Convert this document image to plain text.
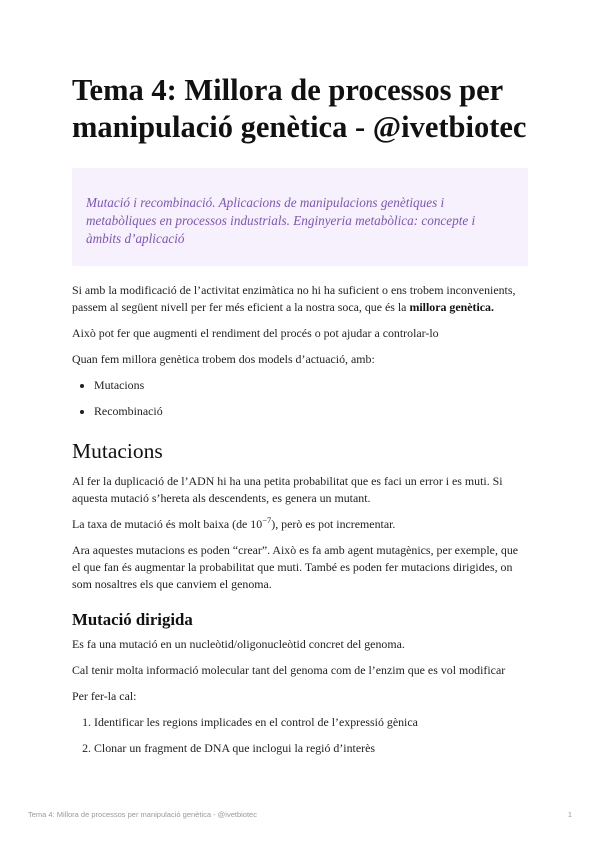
Tema 4: Millora de processos per manipulació genètica - @ivetbiotec

Mutació i recombinació. Aplicacions de manipulacions genètiques i metabòliques en processos industrials. Enginyeria metabòlica: concepte i àmbits d’aplicació

Si amb la modificació de l’activitat enzimàtica no hi ha suficient o ens trobem inconvenients, passem al següent nivell per fer més eficient a la nostra soca, que és la millora genètica.

Això pot fer que augmenti el rendiment del procés o pot ajudar a controlar-lo

Quan fem millora genètica trobem dos models d’actuació, amb:

• Mutacions
• Recombinació
Mutacions

Al fer la duplicació de l’ADN hi ha una petita probabilitat que es faci un error i es muti. Si aquesta mutació s’hereta als descendents, es genera un mutant.

La taxa de mutació és molt baixa (de $10^{-7}$), però es pot incrementar.

Ara aquestes mutacions es poden “crear”. Això es fa amb agent mutagènics, per exemple, que el que fan és augmentar la probabilitat que muti. També es poden fer mutacions dirigides, on som nosaltres els que canviem el genoma.

Mutació dirigida

Es fa una mutació en un nucleòtid/oligonucleòtid concret del genoma.

Cal tenir molta informació molecular tant del genoma com de l’enzim que es vol modificar

Per fer-la cal:

1. Identificar les regions implicades en el control de l’expressió gènica
2. Clonar un fragment de DNA que inclogui la regió d’interès
Tema 4: Millora de processos per manipulació genètica - @ivetbiotec	1
